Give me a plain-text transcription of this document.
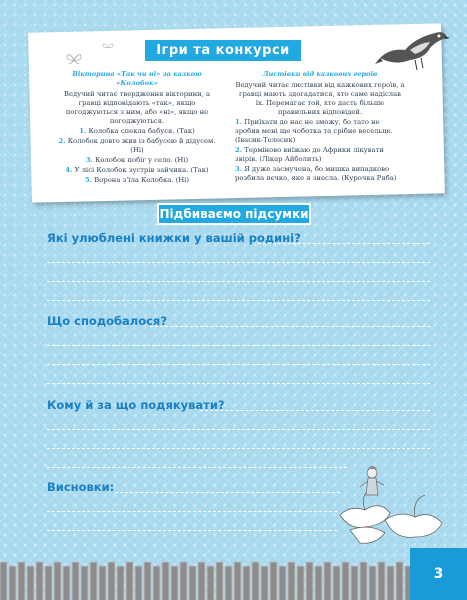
Ігри та конкурси
Вікторина «Так чи ні» за казкою «Колобок»

Ведучий читає твердження вікторини, а гравці відповідають «так», якщо погоджуються з ним, або «ні», якщо не погоджуються.

1. Колобка спекла бабуся. (Так)

2. Колобок довго жив із бабусею й дідусем. (Ні)

3. Колобок побіг у село. (Ні)

4. У лісі Колобок зустрів зайчика. (Так)

5. Ворона з’їла Колобка. (Ні)

Листівки від казкових героїв

Ведучий читає листівки від кажкових героїв, а гравці мають здогадатися, хто саме надіслав їх. Перемагає той, хто дасть більше правильних відповідей.

1. Приїхати до нас не зможу, бо тато не зробив мені ще чоботка та срібне весельце. (Івасик-Телесик)

2. Терміново виїжаю до Африки лікувати звірів. (Лікар Айболить)

3. Я дуже засмучена, бо мишка випадково розбила яєчко, яке я знесла. (Курочка Ряба)

Підбиваємо підсумки
Які улюблені книжки у вашій родині?
Що сподобалося?
Кому й за що подякувати?
Висновки:
3
